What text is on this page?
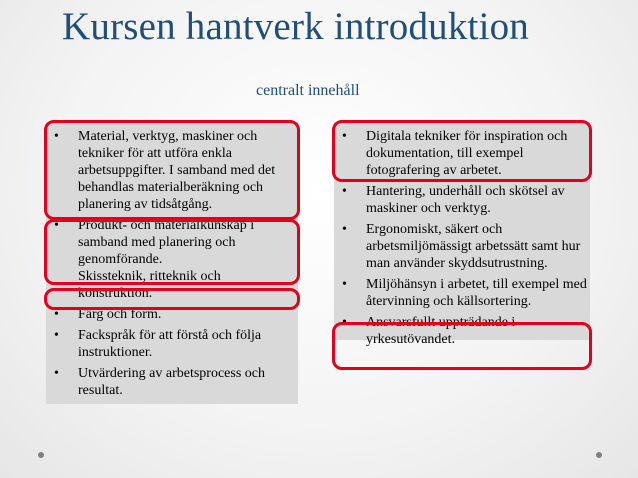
Kursen hantverk introduktion
centralt innehåll
• Material, verktyg, maskiner och tekniker för att utföra enkla arbetsuppgifter. I samband med det behandlas materialberäkning och planering av tidsåtgång.
• Produkt- och materialkunskap i samband med planering och genomförande.
Skissteknik, ritteknik och konstruktion.
• Färg och form.
• Fackspråk för att förstå och följa instruktioner.
• Utvärdering av arbetsprocess och resultat.
• Digitala tekniker för inspiration och dokumentation, till exempel fotografering av arbetet.
• Hantering, underhåll och skötsel av maskiner och verktyg.
• Ergonomiskt, säkert och arbetsmiljömässigt arbetssätt samt hur man använder skyddsutrustning.
• Miljöhänsyn i arbetet, till exempel med återvinning och källsortering.
• Ansvarsfullt uppträdande i yrkesutövandet.
